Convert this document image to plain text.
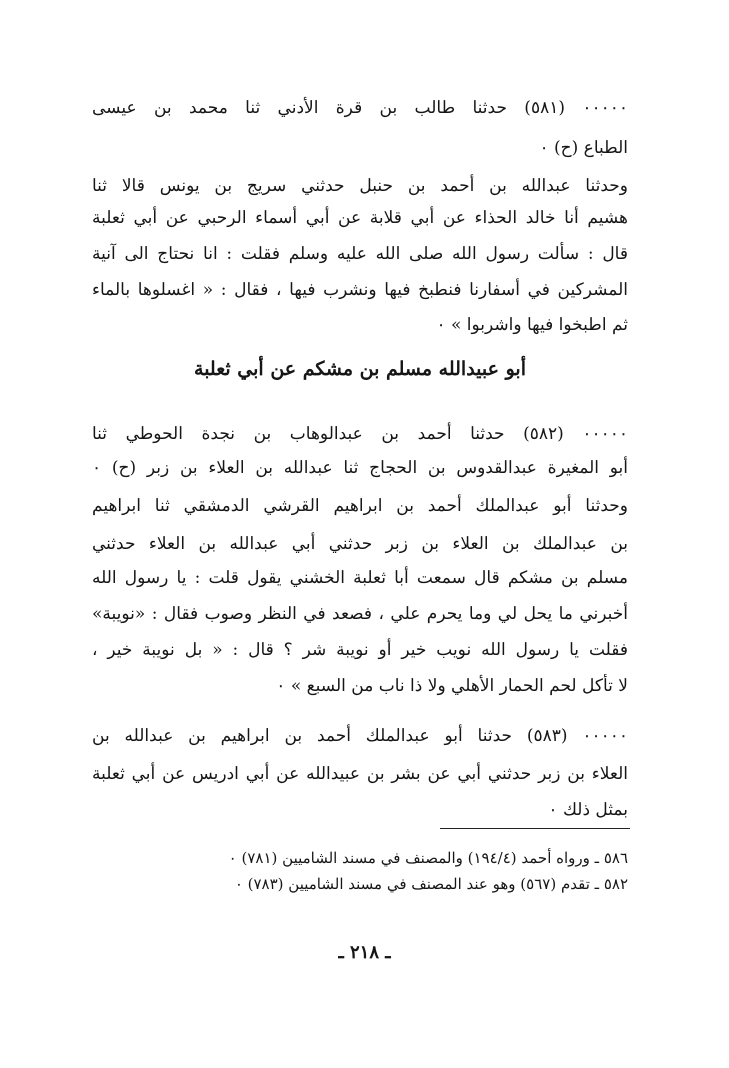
٠٠٠٠٠ (٥٨١) حدثنا طالب بن قرة الأدني ثنا محمد بن عيسى
الطباع (ح) ٠
وحدثنا عبدالله بن أحمد بن حنبل حدثني سريج بن يونس قالا ثنا
هشيم أنا خالد الحذاء عن أبي قلابة عن أبي أسماء الرحبي عن أبي ثعلبة
قال : سألت رسول الله صلى الله عليه وسلم فقلت : انا نحتاج الى آنية
المشركين في أسفارنا فنطبخ فيها ونشرب فيها ، فقال : « اغسلوها بالماء
ثم اطبخوا فيها واشربوا » ٠
أبو عبيدالله مسلم بن مشكم عن أبي ثعلبة
٠٠٠٠٠ (٥٨٢) حدثنا أحمد بن عبدالوهاب بن نجدة الحوطي ثنا
أبو المغيرة عبدالقدوس بن الحجاج ثنا عبدالله بن العلاء بن زبر (ح) ٠
وحدثنا أبو عبدالملك أحمد بن ابراهيم القرشي الدمشقي ثنا ابراهيم
بن عبدالملك بن العلاء بن زبر حدثني أبي عبدالله بن العلاء حدثني
مسلم بن مشكم قال سمعت أبا ثعلبة الخشني يقول قلت : يا رسول الله
أخبرني ما يحل لي وما يحرم علي ، فصعد في النظر وصوب فقال : «نويبة»
فقلت يا رسول الله نويب خير أو نويبة شر ؟ قال : « بل نويبة خير ،
لا تأكل لحم الحمار الأهلي ولا ذا ناب من السبع » ٠
٠٠٠٠٠ (٥٨٣) حدثنا أبو عبدالملك أحمد بن ابراهيم بن عبدالله بن
العلاء بن زبر حدثني أبي عن بشر بن عبيدالله عن أبي ادريس عن أبي ثعلبة
بمثل ذلك ٠
٥٨٦ ـ ورواه أحمد (١٩٤/٤) والمصنف في مسند الشاميين (٧٨١) ٠
٥٨٢ ـ تقدم (٥٦٧) وهو عند المصنف في مسند الشاميين (٧٨٣) ٠
ـ ٢١٨ ـ
